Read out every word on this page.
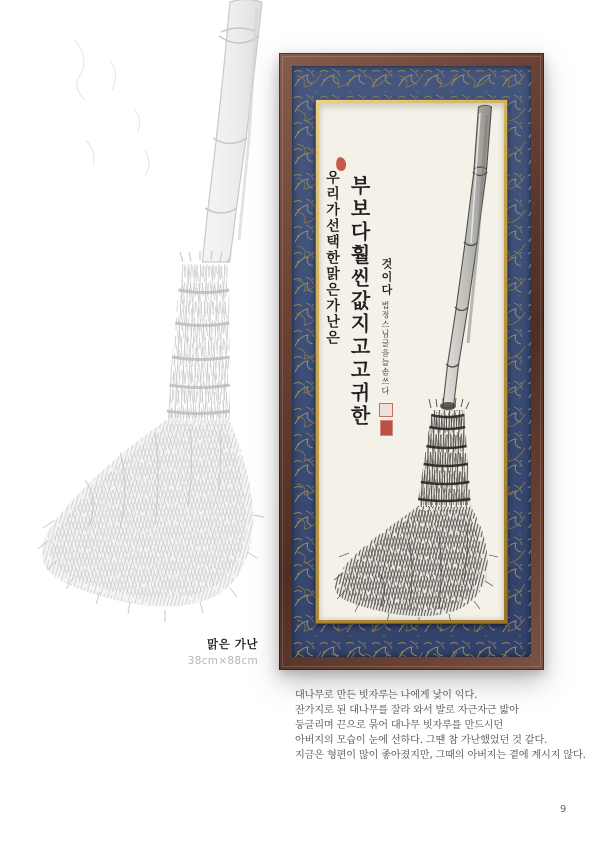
우리가선택한맑은가난은 부보다훨씬값지고고귀한 것이다
법정스님글을늘솜쓰다
맑은 가난
38cm×88cm
대나무로 만든 빗자루는 나에게 낯이 익다.
잔가지로 된 대나무를 잘라 와서 발로 자근자근 밟아
둥글리며 끈으로 묶어 대나무 빗자루를 만드시던
아버지의 모습이 눈에 선하다. 그땐 참 가난했었던 것 같다.
지금은 형편이 많이 좋아졌지만, 그때의 아버지는 곁에 계시지 않다.
9
